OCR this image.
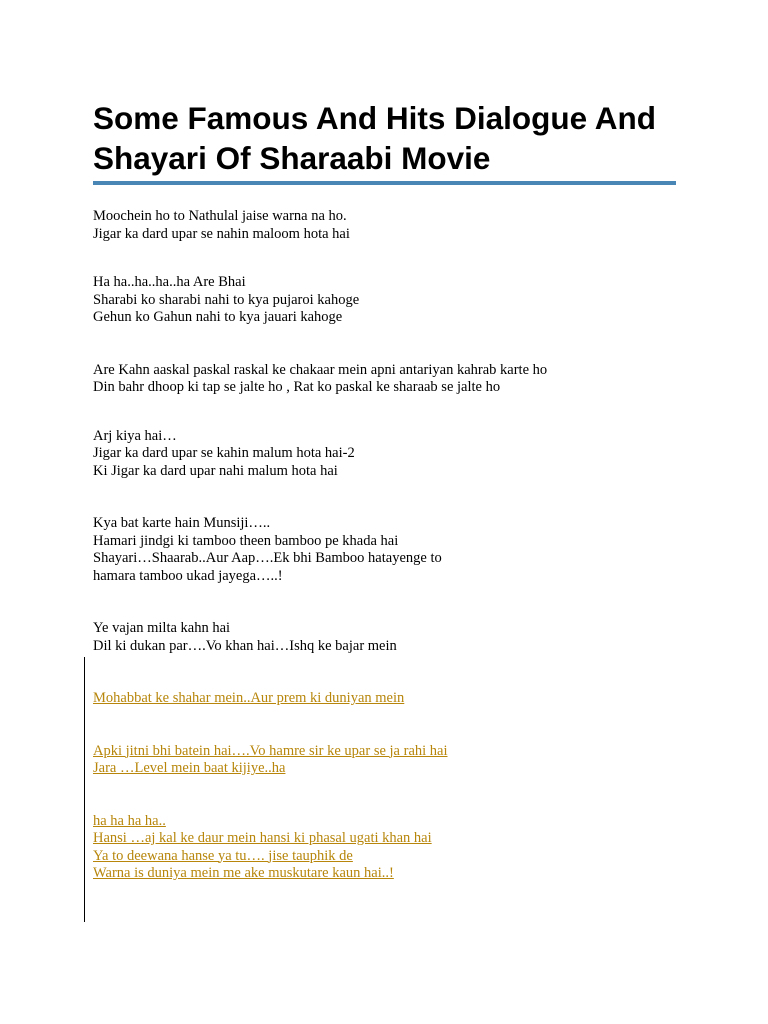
Some Famous And Hits Dialogue And Shayari Of Sharaabi Movie

Moochein ho to Nathulal jaise warna na ho.
Jigar ka dard upar se nahin maloom hota hai

Ha ha..ha..ha..ha Are Bhai
Sharabi ko sharabi nahi to kya pujaroi kahoge
Gehun ko Gahun nahi to kya jauari kahoge

Are Kahn aaskal paskal raskal ke chakaar mein apni antariyan kahrab karte ho
Din bahr dhoop ki tap se jalte ho , Rat ko paskal ke sharaab se jalte ho

Arj kiya hai…
Jigar ka dard upar se kahin malum hota hai-2
Ki Jigar ka dard upar nahi malum hota hai

Kya bat karte hain Munsiji…..
Hamari jindgi ki tamboo theen bamboo pe khada hai
Shayari…Shaarab..Aur Aap….Ek bhi Bamboo hatayenge to
hamara tamboo ukad jayega…..!

Ye vajan milta kahn hai
Dil ki dukan par….Vo khan hai…Ishq ke bajar mein

Mohabbat ke shahar mein..Aur prem ki duniyan mein

Apki jitni bhi batein hai….Vo hamre sir ke upar se ja rahi hai
Jara …Level mein baat kijiye..ha

ha ha ha ha..
Hansi …aj kal ke daur mein hansi ki phasal ugati khan hai
Ya to deewana hanse ya tu…. jise tauphik de
Warna is duniya mein me ake muskutare kaun hai..!
